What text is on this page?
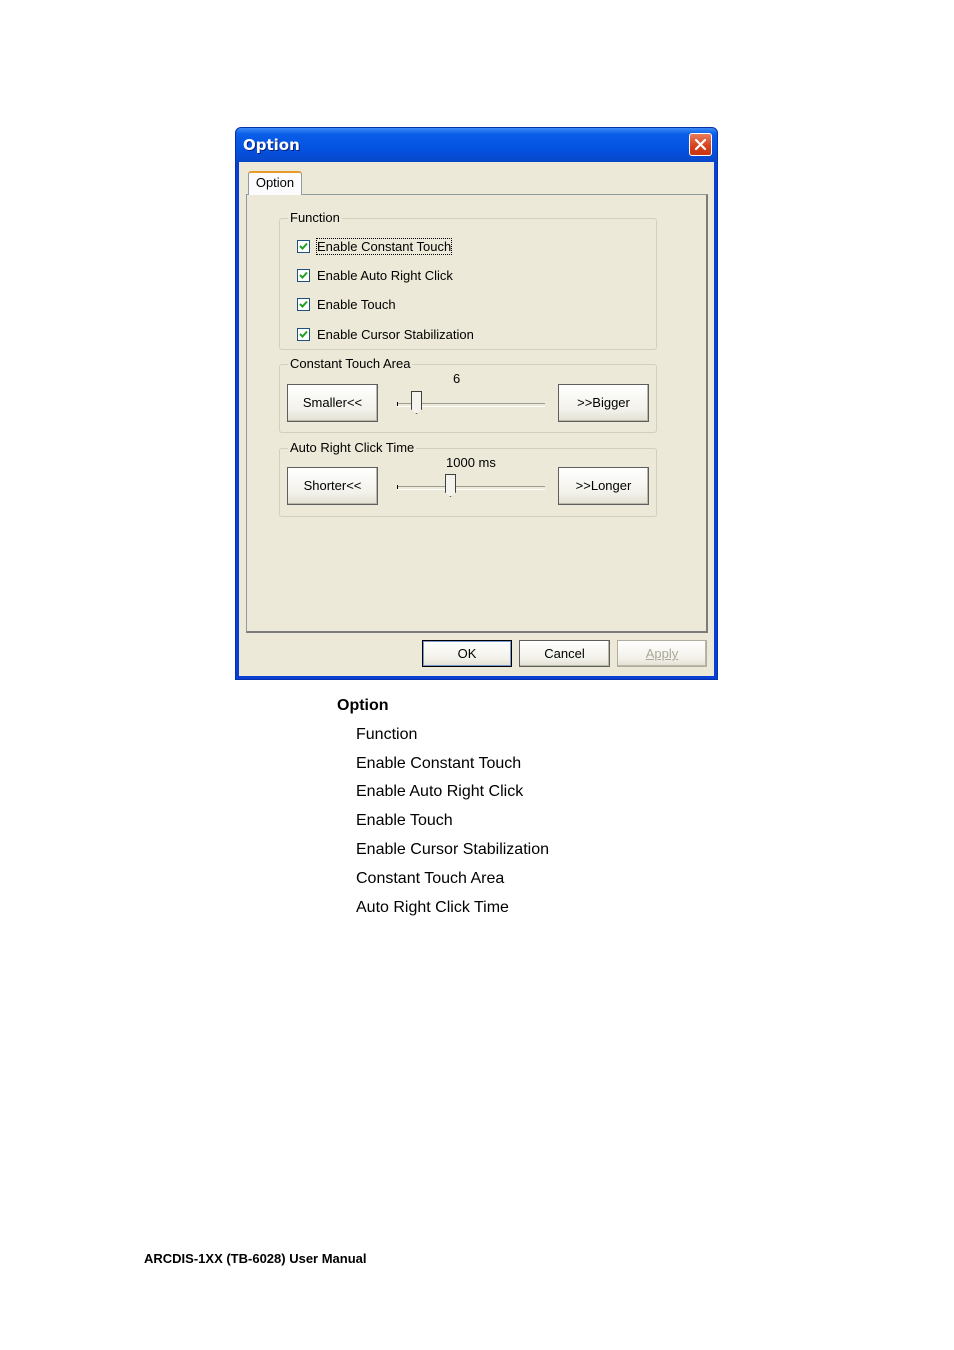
Option
Option
Function
Enable Constant Touch
Enable Auto Right Click
Enable Touch
Enable Cursor Stabilization
Constant Touch Area
6
Smaller<<	>>Bigger
Auto Right Click Time
1000 ms
Shorter<<	>>Longer
OK	Cancel	Apply
Option
Function
Enable Constant Touch
Enable Auto Right Click
Enable Touch
Enable Cursor Stabilization
Constant Touch Area
Auto Right Click Time
ARCDIS-1XX (TB-6028) User Manual
